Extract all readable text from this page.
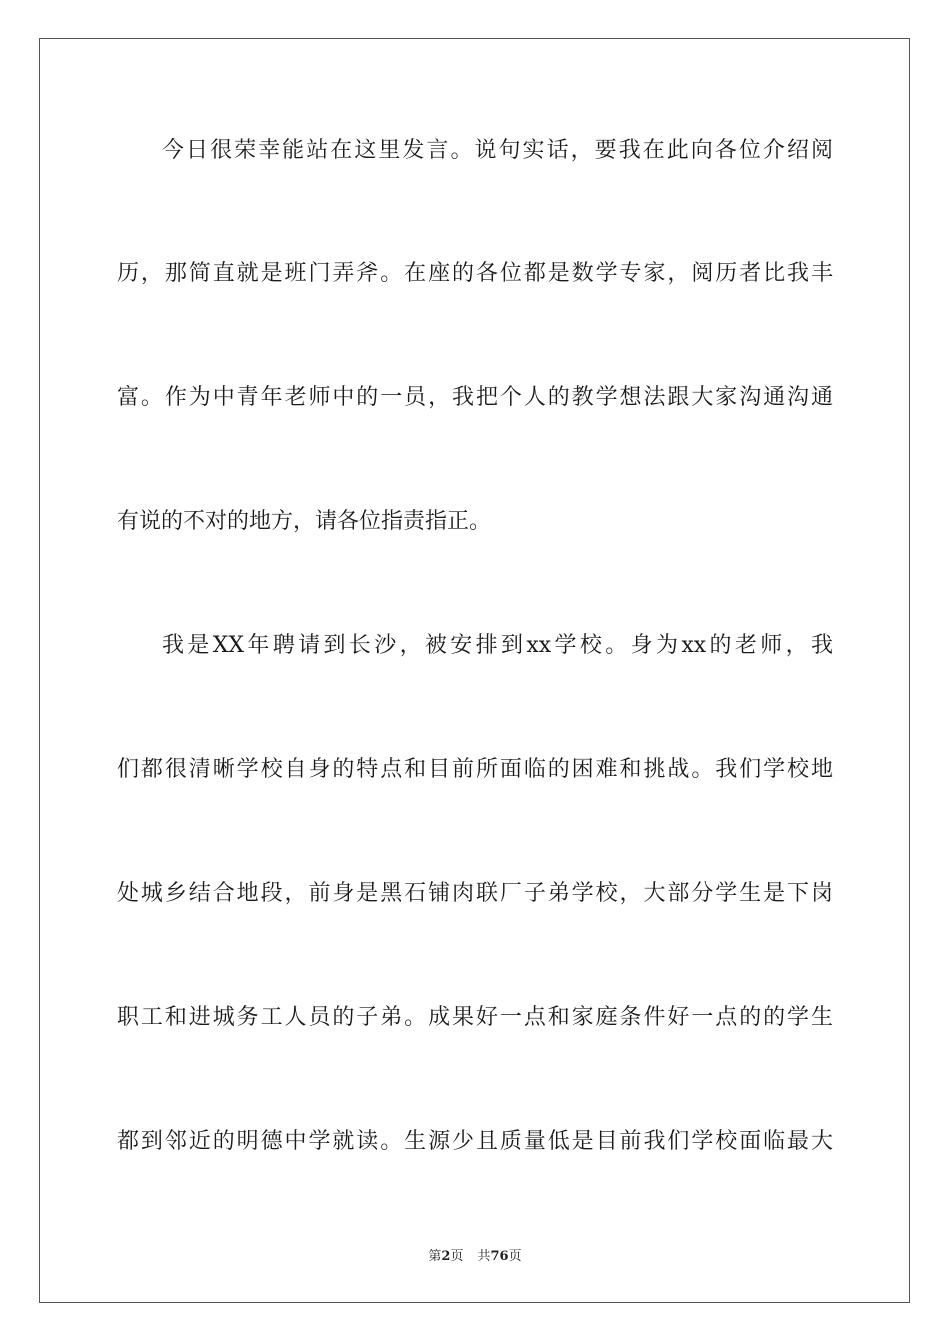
今日很荣幸能站在这里发言。说句实话，要我在此向各位介绍阅
历，那简直就是班门弄斧。在座的各位都是数学专家，阅历者比我丰
富。作为中青年老师中的一员，我把个人的教学想法跟大家沟通沟通
有说的不对的地方，请各位指责指正。
我是XX年聘请到长沙，被安排到xx学校。身为xx的老师，我
们都很清晰学校自身的特点和目前所面临的困难和挑战。我们学校地
处城乡结合地段，前身是黑石铺肉联厂子弟学校，大部分学生是下岗
职工和进城务工人员的子弟。成果好一点和家庭条件好一点的的学生
都到邻近的明德中学就读。生源少且质量低是目前我们学校面临最大
第2页 共76页
